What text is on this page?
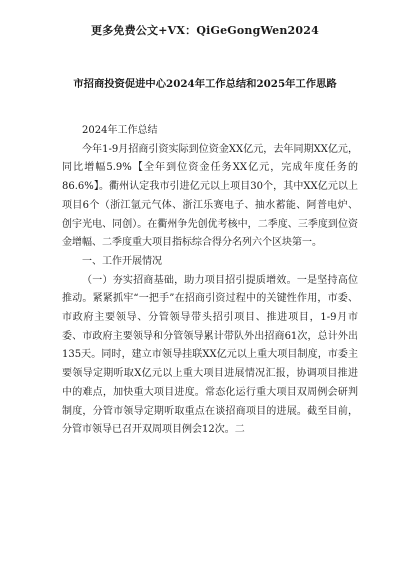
更多免费公文+VX：QiGeGongWen2024
市招商投资促进中心2024年工作总结和2025年工作思路

2024年工作总结

今年1-9月招商引资实际到位资金XX亿元，去年同期XX亿元，同比增幅5.9%【全年到位资金任务XX亿元，完成年度任务的86.6%】。衢州认定我市引进亿元以上项目30个，其中XX亿元以上项目6个（浙江氩元气体、浙江乐赛电子、抽水蓄能、阿普电炉、创宇光电、同创）。在衢州争先创优考核中，二季度、三季度到位资金增幅、二季度重大项目指标综合得分名列六个区块第一。

一、工作开展情况

（一）夯实招商基础，助力项目招引提质增效。一是坚持高位推动。紧紧抓牢“一把手”在招商引资过程中的关键性作用，市委、市政府主要领导、分管领导带头招引项目、推进项目，1-9月市委、市政府主要领导和分管领导累计带队外出招商61次，总计外出135天。同时，建立市领导挂联XX亿元以上重大项目制度，市委主要领导定期听取X亿元以上重大项目进展情况汇报，协调项目推进中的难点，加快重大项目进度。常态化运行重大项目双周例会研判制度，分管市领导定期听取重点在谈招商项目的进展。截至目前，分管市领导已召开双周项目例会12次。二
